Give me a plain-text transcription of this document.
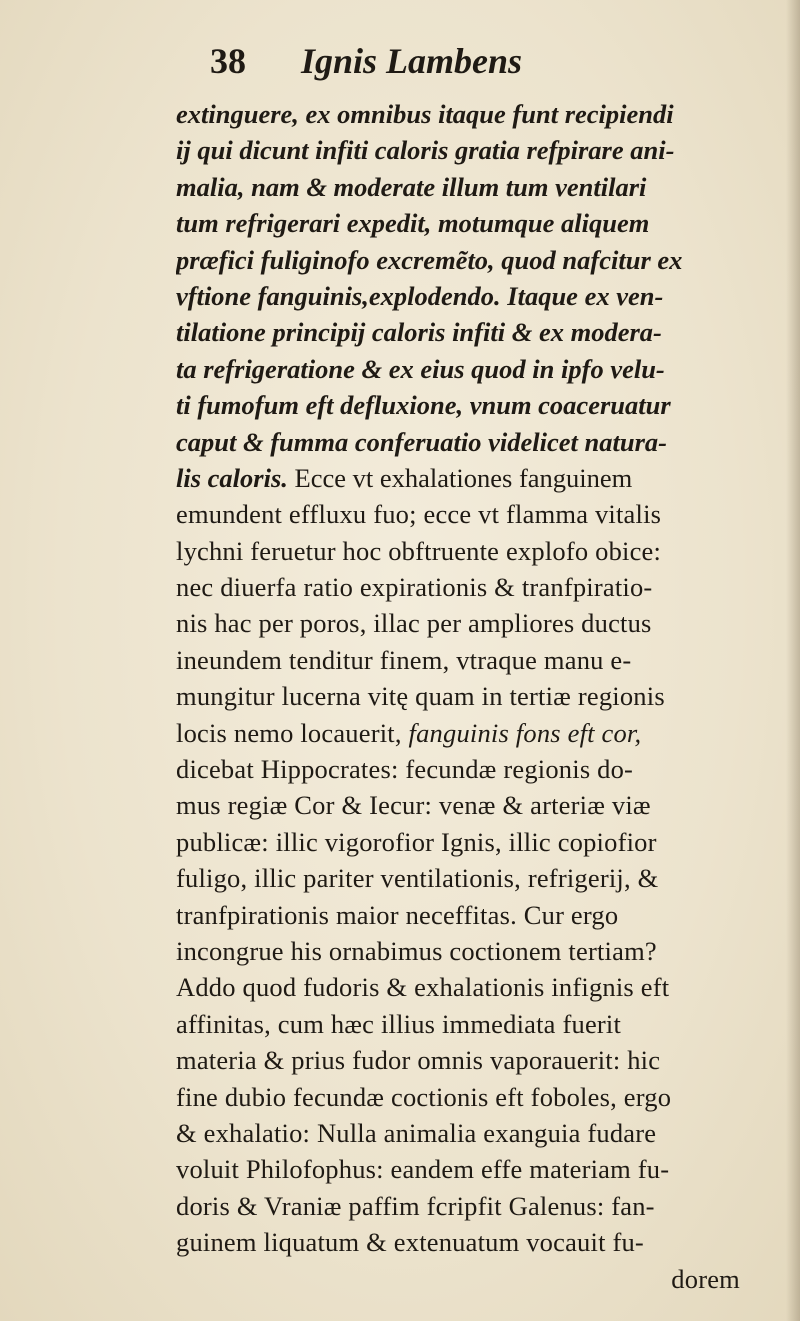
38 Ignis Lambens
extinguere, ex omnibus itaque funt recipiendi
ij qui dicunt infiti caloris gratia refpirare ani-
malia, nam & moderate illum tum ventilari
tum refrigerari expedit, motumque aliquem
præfici fuliginofo excremẽto, quod nafcitur ex
vftione fanguinis,explodendo. Itaque ex ven-
tilatione principij caloris infiti & ex modera-
ta refrigeratione & ex eius quod in ipfo velu-
ti fumofum eft defluxione, vnum coaceruatur
caput & fumma conferuatio videlicet natura-
lis caloris. Ecce vt exhalationes fanguinem
emundent effluxu fuo; ecce vt flamma vitalis
lychni feruetur hoc obftruente explofo obice:
nec diuerfa ratio expirationis & tranfpiratio-
nis hac per poros, illac per ampliores ductus
ineundem tenditur finem, vtraque manu e-
mungitur lucerna vitę quam in tertiæ regionis
locis nemo locauerit, fanguinis fons eft cor,
dicebat Hippocrates: fecundæ regionis do-
mus regiæ Cor & Iecur: venæ & arteriæ viæ
publicæ: illic vigorofior Ignis, illic copiofior
fuligo, illic pariter ventilationis, refrigerij, &
tranfpirationis maior neceffitas. Cur ergo
incongrue his ornabimus coctionem tertiam?
Addo quod fudoris & exhalationis infignis eft
affinitas, cum hæc illius immediata fuerit
materia & prius fudor omnis vaporauerit: hic
fine dubio fecundæ coctionis eft foboles, ergo
& exhalatio: Nulla animalia exanguia fudare
voluit Philofophus: eandem effe materiam fu-
doris & Vraniæ paffim fcripfit Galenus: fan-
guinem liquatum & extenuatum vocauit fu-
dorem
